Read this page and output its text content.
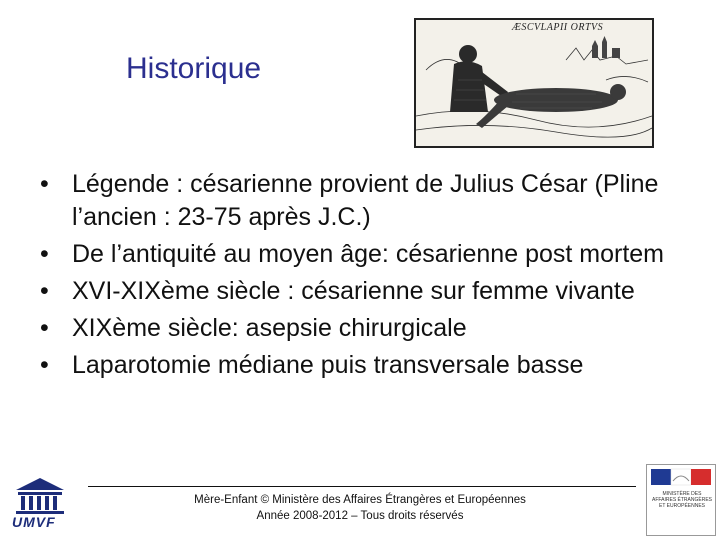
Historique
ÆSCVLAPII ORTVS
• Légende : césarienne provient de Julius César (Pline l’ancien : 23-75 après J.C.)
• De l’antiquité au moyen âge: césarienne post mortem
• XVI-XIXème siècle : césarienne sur femme vivante
• XIXème siècle: asepsie chirurgicale
• Laparotomie médiane puis transversale basse
Mère-Enfant © Ministère des Affaires Étrangères et Européennes
Année 2008-2012 – Tous droits réservés
UMVF
MINISTÈRE DES AFFAIRES ÉTRANGÈRES ET EUROPÉENNES
